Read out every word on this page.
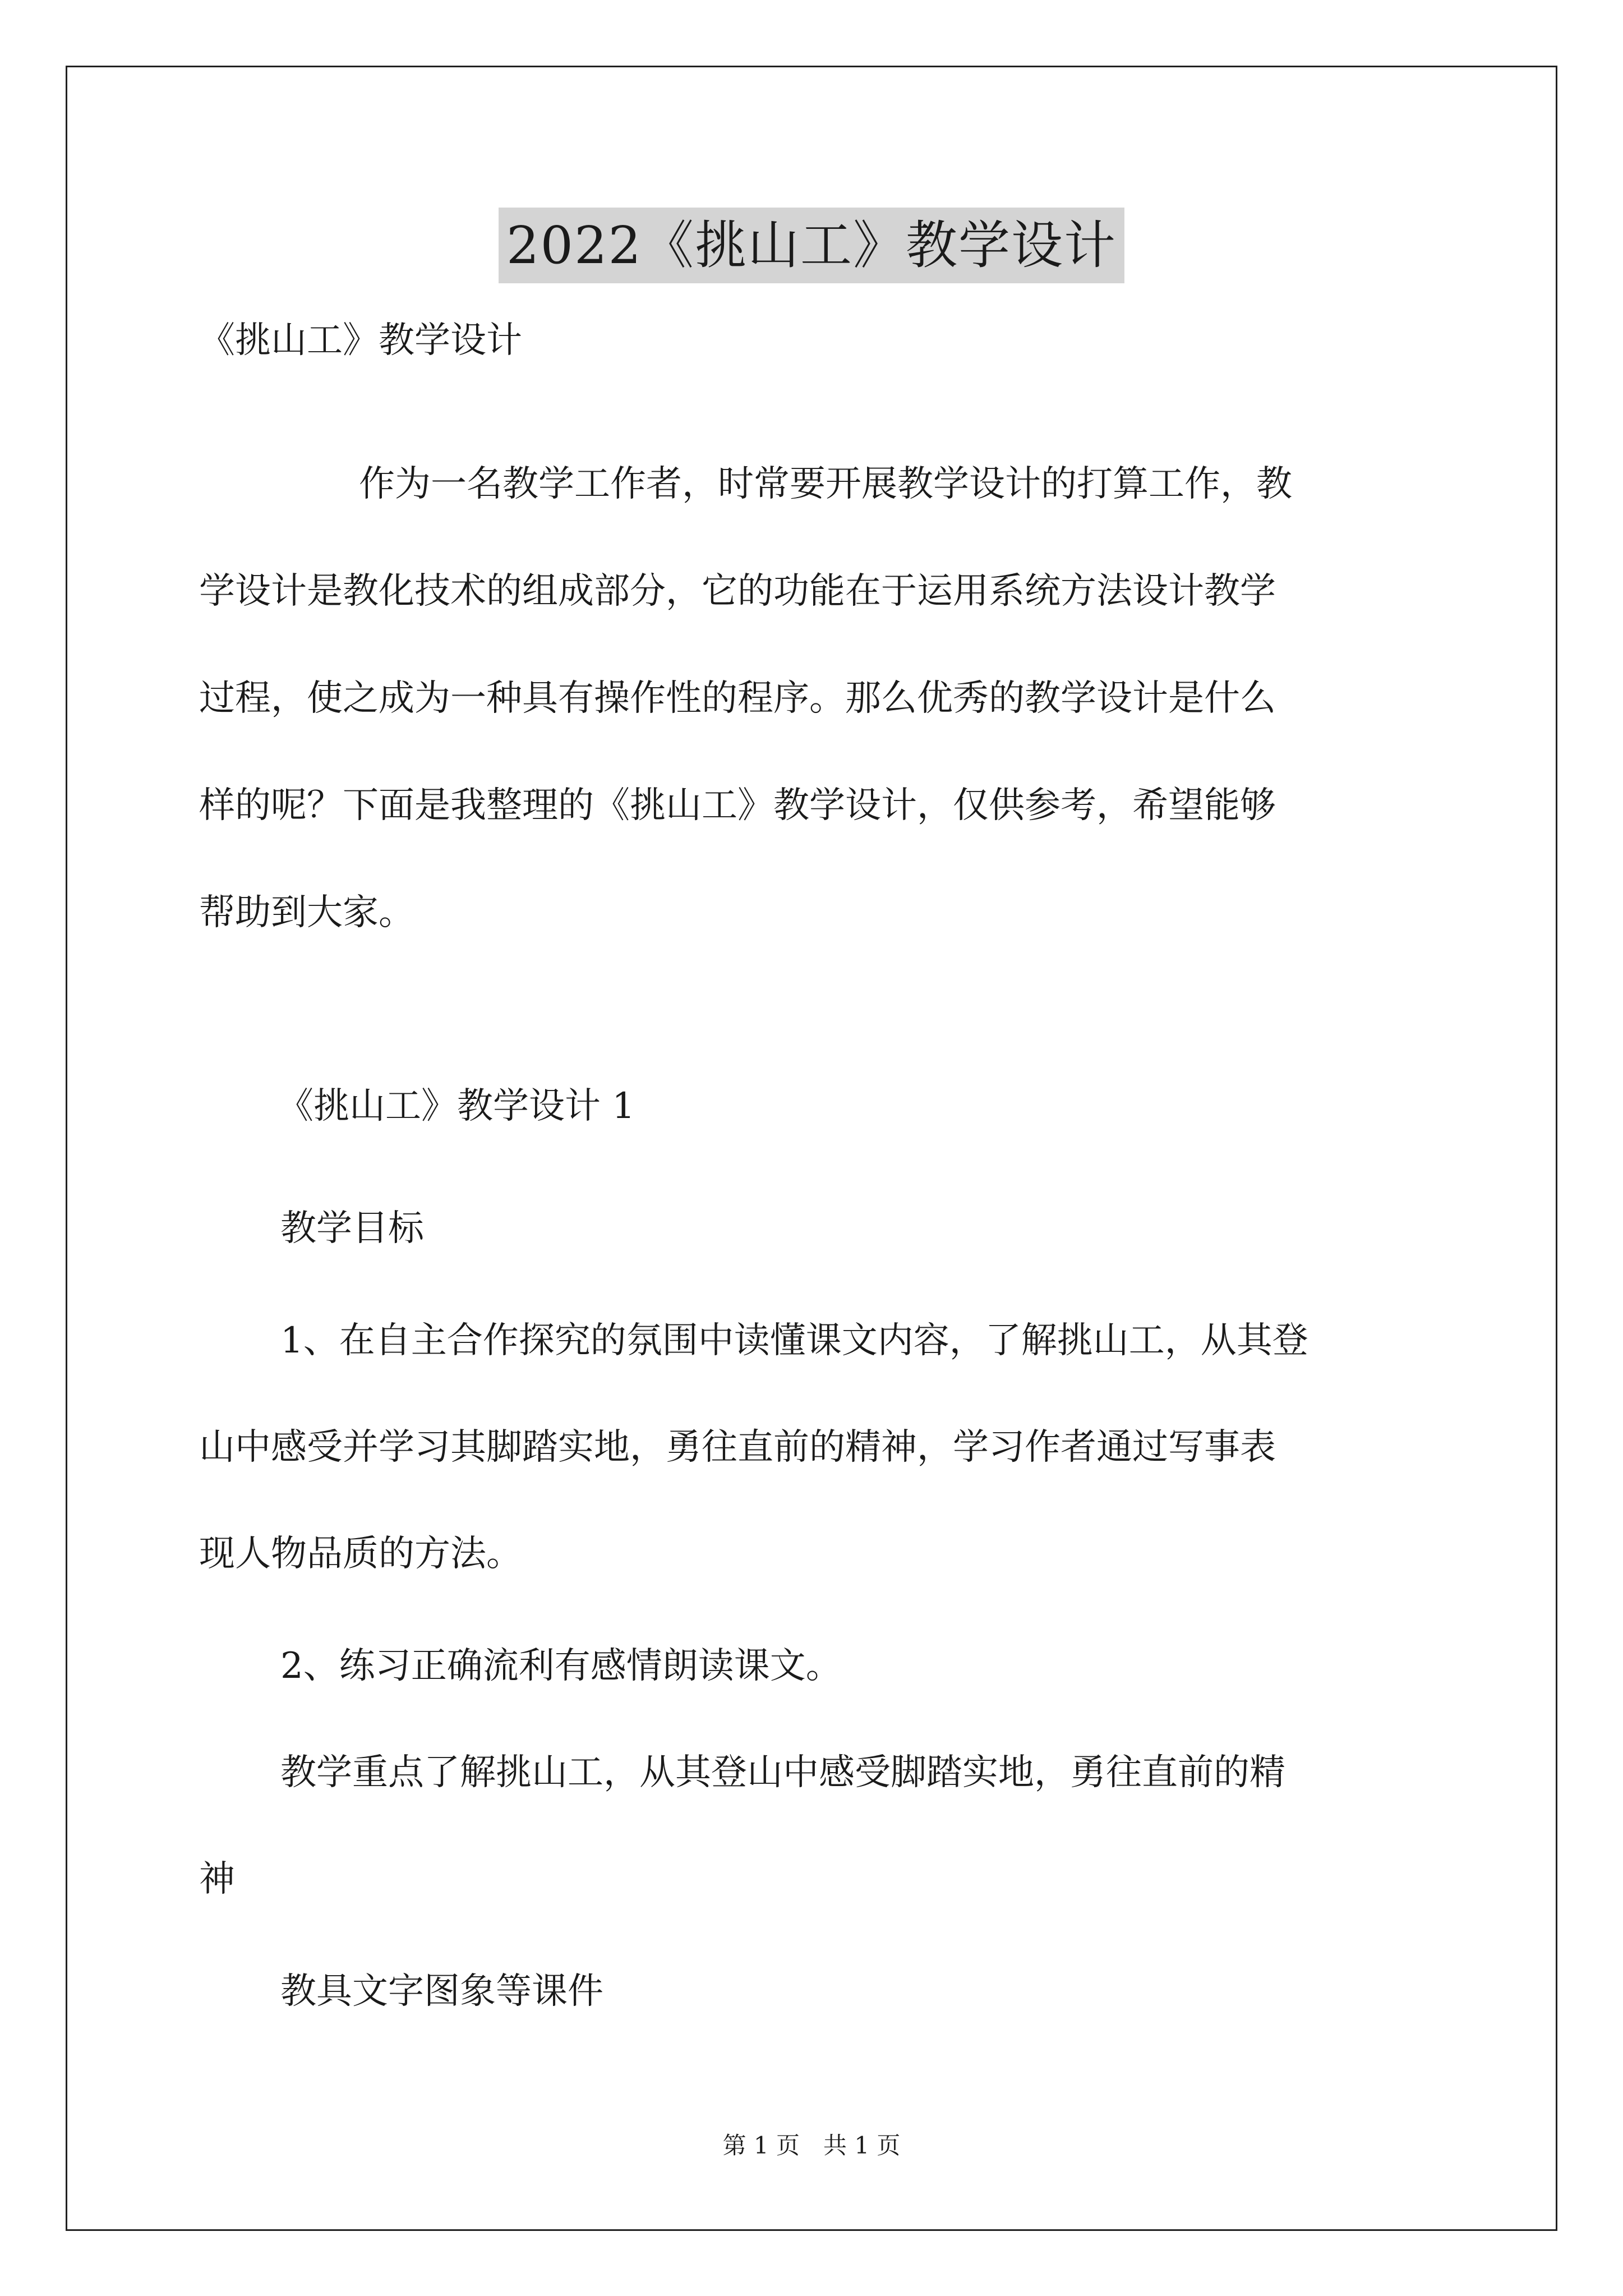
2022《挑山工》教学设计
《挑山工》教学设计
作为一名教学工作者，时常要开展教学设计的打算工作，教
学设计是教化技术的组成部分，它的功能在于运用系统方法设计教学
过程，使之成为一种具有操作性的程序。那么优秀的教学设计是什么
样的呢？下面是我整理的《挑山工》教学设计，仅供参考，希望能够
帮助到大家。
《挑山工》教学设计 1
教学目标
1、在自主合作探究的氛围中读懂课文内容，了解挑山工，从其登
山中感受并学习其脚踏实地，勇往直前的精神，学习作者通过写事表
现人物品质的方法。
2、练习正确流利有感情朗读课文。
教学重点了解挑山工，从其登山中感受脚踏实地，勇往直前的精
神
教具文字图象等课件
第 1 页　共 1 页
